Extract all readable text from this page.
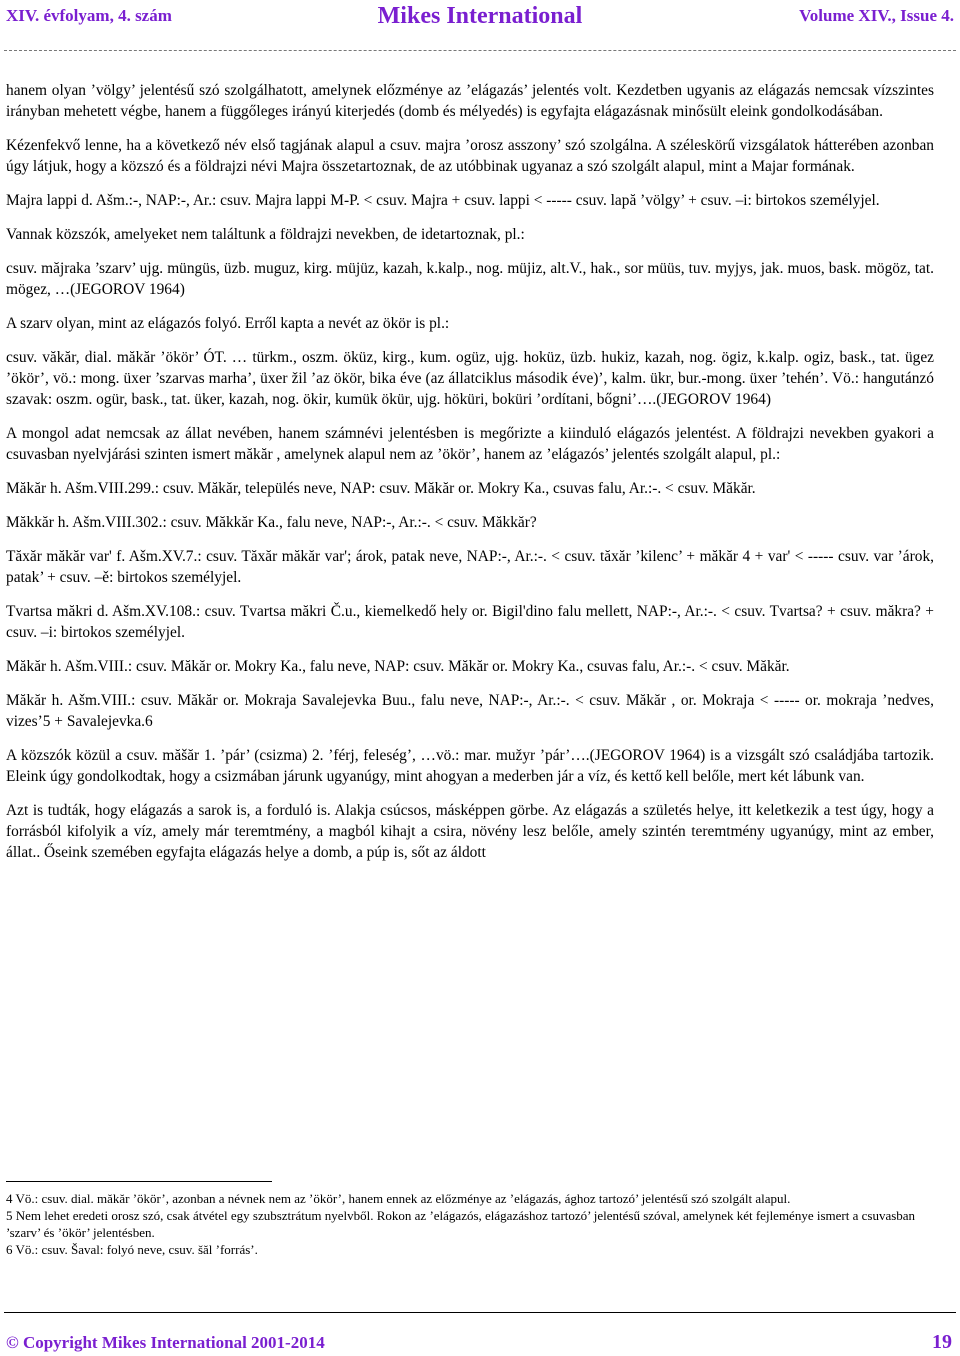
XIV. évfolyam, 4. szám	Mikes International	Volume XIV., Issue 4.

hanem olyan ’völgy’ jelentésű szó szolgálhatott, amelynek előzménye az ’elágazás’ jelentés volt. Kezdetben ugyanis az elágazás nemcsak vízszintes irányban mehetett végbe, hanem a függőleges irányú kiterjedés (domb és mélyedés) is egyfajta elágazásnak minősült eleink gondolkodásában.

Kézenfekvő lenne, ha a következő név első tagjának alapul a csuv. majra ’orosz asszony’ szó szolgálna. A széleskörű vizsgálatok hátterében azonban úgy látjuk, hogy a közszó és a földrajzi névi Majra összetartoznak, de az utóbbinak ugyanaz a szó szolgált alapul, mint a Majar formának.

Majra lappi d. Ašm.:-, NAP:-, Ar.: csuv. Majra lappi M-P. < csuv. Majra + csuv. lappi < ----- csuv. lapă ’völgy’ + csuv. –i: birtokos személyjel.

Vannak közszók, amelyeket nem találtunk a földrajzi nevekben, de idetartoznak, pl.:

csuv. măjraka ’szarv’ ujg. müngüs, üzb. muguz, kirg. müjüz, kazah, k.kalp., nog. müjiz, alt.V., hak., sor müüs, tuv. myjys, jak. muos, bask. mögöz, tat. mögez, …(JEGOROV 1964)

A szarv olyan, mint az elágazós folyó. Erről kapta a nevét az ökör is pl.:

csuv. văkăr, dial. măkăr ’ökör’ ÓT. … türkm., oszm. öküz, kirg., kum. ogüz, ujg. hoküz, üzb. hukiz, kazah, nog. ögiz, k.kalp. ogiz, bask., tat. ügez ’ökör’, vö.: mong. üxer ’szarvas marha’, üxer žil ’az ökör, bika éve (az állatciklus második éve)’, kalm. ükr, bur.-mong. üxer ’tehén’. Vö.: hangutánzó szavak: oszm. ogür, bask., tat. üker, kazah, nog. ökir, kumük ökür, ujg. höküri, boküri ’ordítani, bőgni’….(JEGOROV 1964)

A mongol adat nemcsak az állat nevében, hanem számnévi jelentésben is megőrizte a kiinduló elágazós jelentést. A földrajzi nevekben gyakori a csuvasban nyelvjárási szinten ismert măkăr , amelynek alapul nem az ’ökör’, hanem az ’elágazós’ jelentés szolgált alapul, pl.:

Măkăr h. Ašm.VIII.299.: csuv. Măkăr, település neve, NAP: csuv. Măkăr or. Mokry Ka., csuvas falu, Ar.:-. < csuv. Măkăr.

Măkkăr h. Ašm.VIII.302.: csuv. Măkkăr Ka., falu neve, NAP:-, Ar.:-. < csuv. Măkkăr?

Tăxăr măkăr var' f. Ašm.XV.7.: csuv. Tăxăr măkăr var'; árok, patak neve, NAP:-, Ar.:-. < csuv. tăxăr ’kilenc’ + măkăr 4 + var' < ----- csuv. var ’árok, patak’ + csuv. –ě: birtokos személyjel.

Tvartsa măkri d. Ašm.XV.108.: csuv. Tvartsa măkri Č.u., kiemelkedő hely or. Bigil'dino falu mellett, NAP:-, Ar.:-. < csuv. Tvartsa? + csuv. măkra? + csuv. –i: birtokos személyjel.

Măkăr h. Ašm.VIII.: csuv. Măkăr or. Mokry Ka., falu neve, NAP: csuv. Măkăr or. Mokry Ka., csuvas falu, Ar.:-. < csuv. Măkăr.

Măkăr h. Ašm.VIII.: csuv. Măkăr or. Mokraja Savalejevka Buu., falu neve, NAP:-, Ar.:-. < csuv. Măkăr , or. Mokraja < ----- or. mokraja ’nedves, vizes’5 + Savalejevka.6

A közszók közül a csuv. măšăr 1. ’pár’ (csizma) 2. ’férj, feleség’, …vö.: mar. mužyr ’pár’….(JEGOROV 1964) is a vizsgált szó családjába tartozik. Eleink úgy gondolkodtak, hogy a csizmában járunk ugyanúgy, mint ahogyan a mederben jár a víz, és kettő kell belőle, mert két lábunk van.

Azt is tudták, hogy elágazás a sarok is, a forduló is. Alakja csúcsos, másképpen görbe. Az elágazás a születés helye, itt keletkezik a test úgy, hogy a forrásból kifolyik a víz, amely már teremtmény, a magból kihajt a csira, növény lesz belőle, amely szintén teremtmény ugyanúgy, mint az ember, állat.. Őseink szemében egyfajta elágazás helye a domb, a púp is, sőt az áldott

4 Vö.: csuv. dial. măkăr ’ökör’, azonban a névnek nem az ’ökör’, hanem ennek az előzménye az ’elágazás, ághoz tartozó’ jelentésű szó szolgált alapul.

5 Nem lehet eredeti orosz szó, csak átvétel egy szubsztrátum nyelvből. Rokon az ’elágazós, elágazáshoz tartozó’ jelentésű szóval, amelynek két fejleménye ismert a csuvasban ’szarv’ és ’ökör’ jelentésben.

6 Vö.: csuv. Šaval: folyó neve, csuv. šăl ’forrás’.

© Copyright Mikes International 2001-2014	19
